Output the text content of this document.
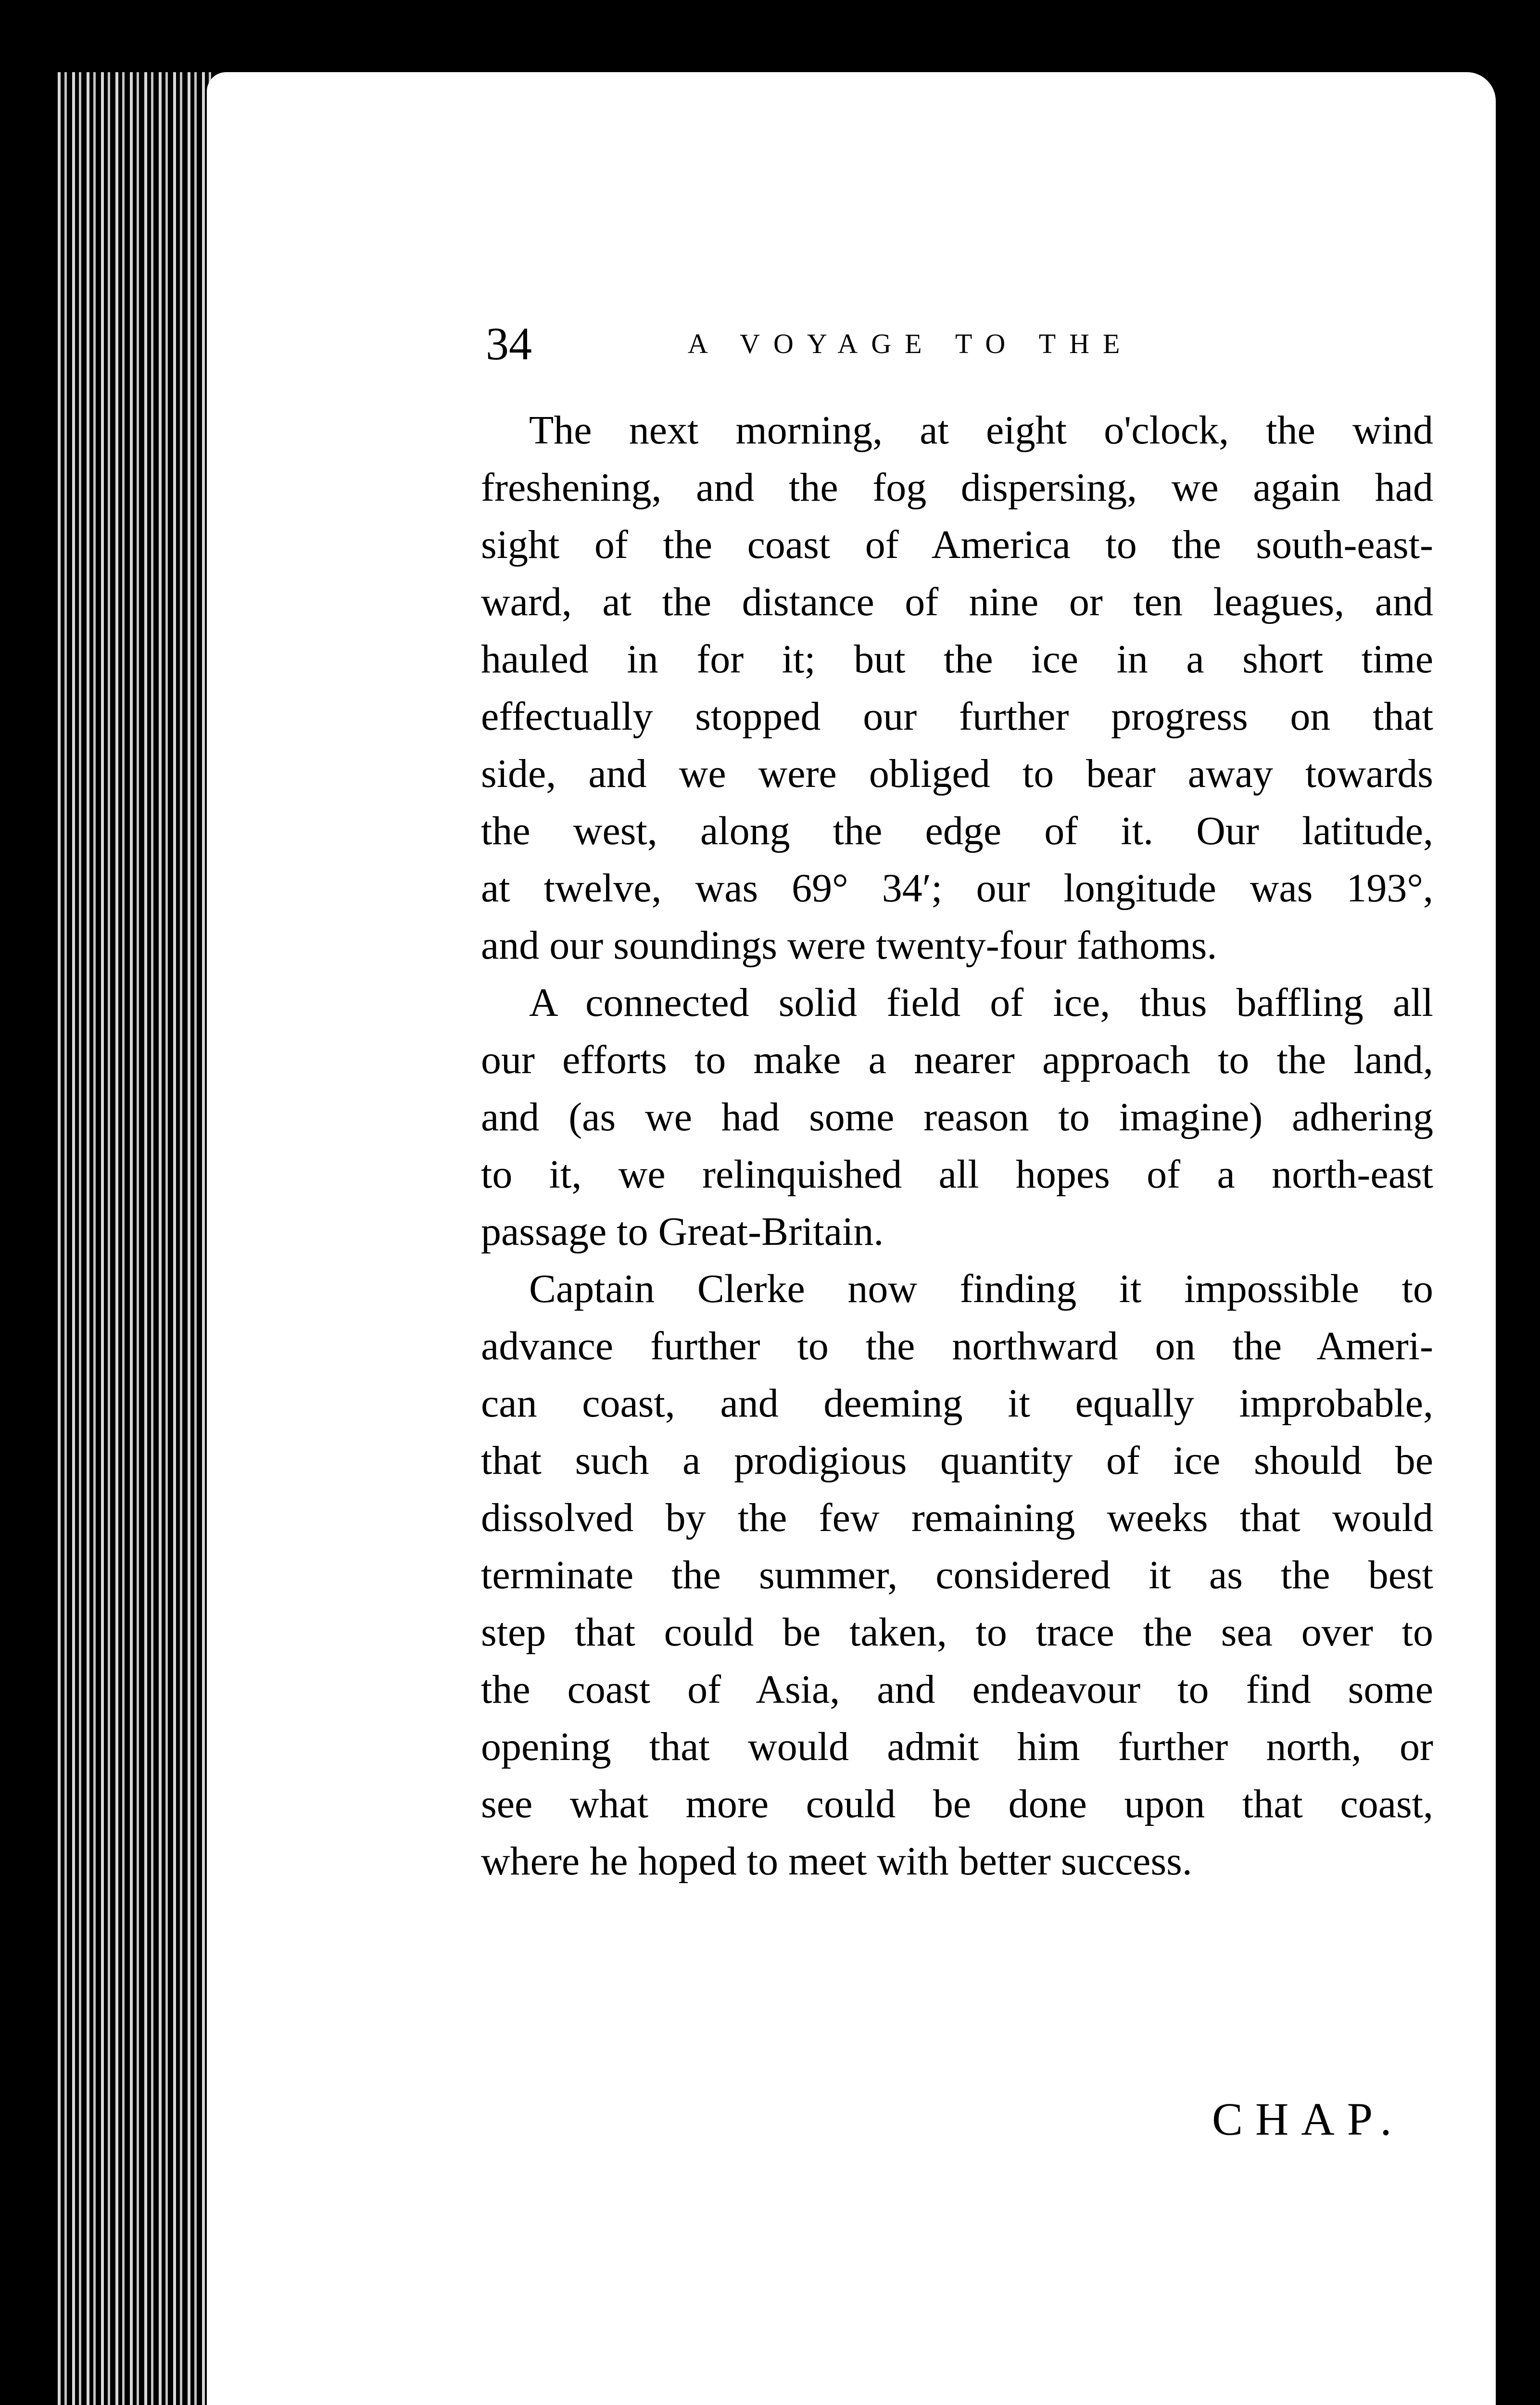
34	A VOYAGE TO THE
The next morning, at eight o'clock, the wind
freshening, and the fog dispersing, we again had
sight of the coast of America to the south-east-
ward, at the distance of nine or ten leagues, and
hauled in for it; but the ice in a short time
effectually stopped our further progress on that
side, and we were obliged to bear away towards
the west, along the edge of it. Our latitude,
at twelve, was 69° 34′; our longitude was 193°,
and our soundings were twenty-four fathoms.
A connected solid field of ice, thus baffling all
our efforts to make a nearer approach to the land,
and (as we had some reason to imagine) adhering
to it, we relinquished all hopes of a north-east
passage to Great-Britain.
Captain Clerke now finding it impossible to
advance further to the northward on the Ameri-
can coast, and deeming it equally improbable,
that such a prodigious quantity of ice should be
dissolved by the few remaining weeks that would
terminate the summer, considered it as the best
step that could be taken, to trace the sea over to
the coast of Asia, and endeavour to find some
opening that would admit him further north, or
see what more could be done upon that coast,
where he hoped to meet with better success.
CHAP.
